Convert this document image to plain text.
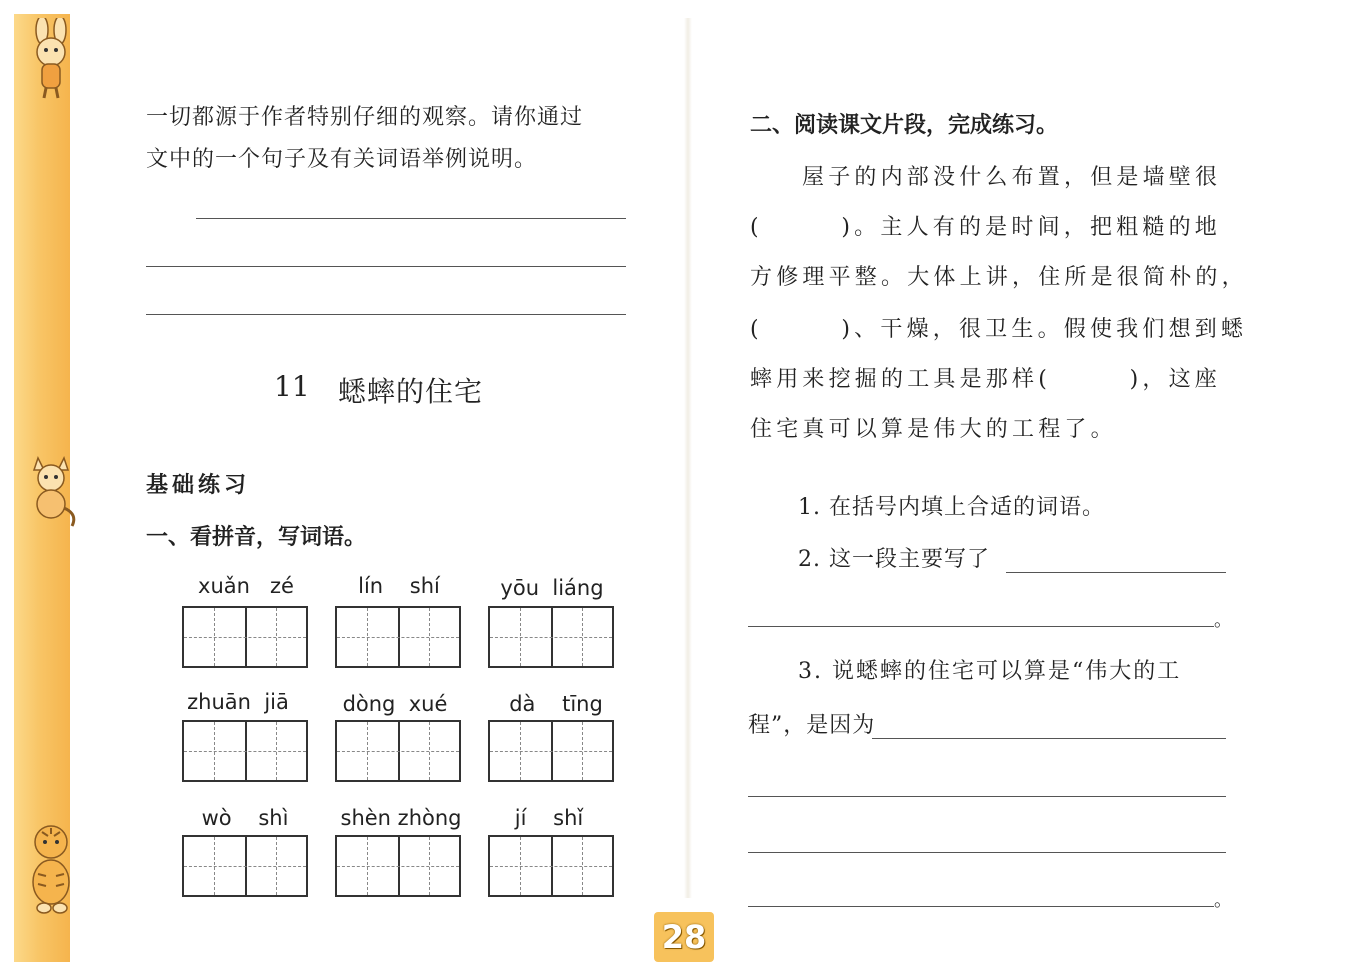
一切都源于作者特别仔细的观察。请你通过
文中的一个句子及有关词语举例说明。
11 蟋蟀的住宅
基础练习
一、看拼音，写词语。
xuǎn zé	lín shí	yōu liáng
zhuān jiā	dòng xué	dà tīng
wò shì	shèn zhòng	jí shǐ
二、阅读课文片段，完成练习。
屋子的内部没什么布置，但是墙壁很
(　　　)。主人有的是时间，把粗糙的地
方修理平整。大体上讲，住所是很简朴的，
(　　　)、干燥，很卫生。假使我们想到蟋
蟀用来挖掘的工具是那样(　　　)，这座
住宅真可以算是伟大的工程了。
1. 在括号内填上合适的词语。
2. 这一段主要写了
。
3. 说蟋蟀的住宅可以算是“伟大的工
程”，是因为
。
28
